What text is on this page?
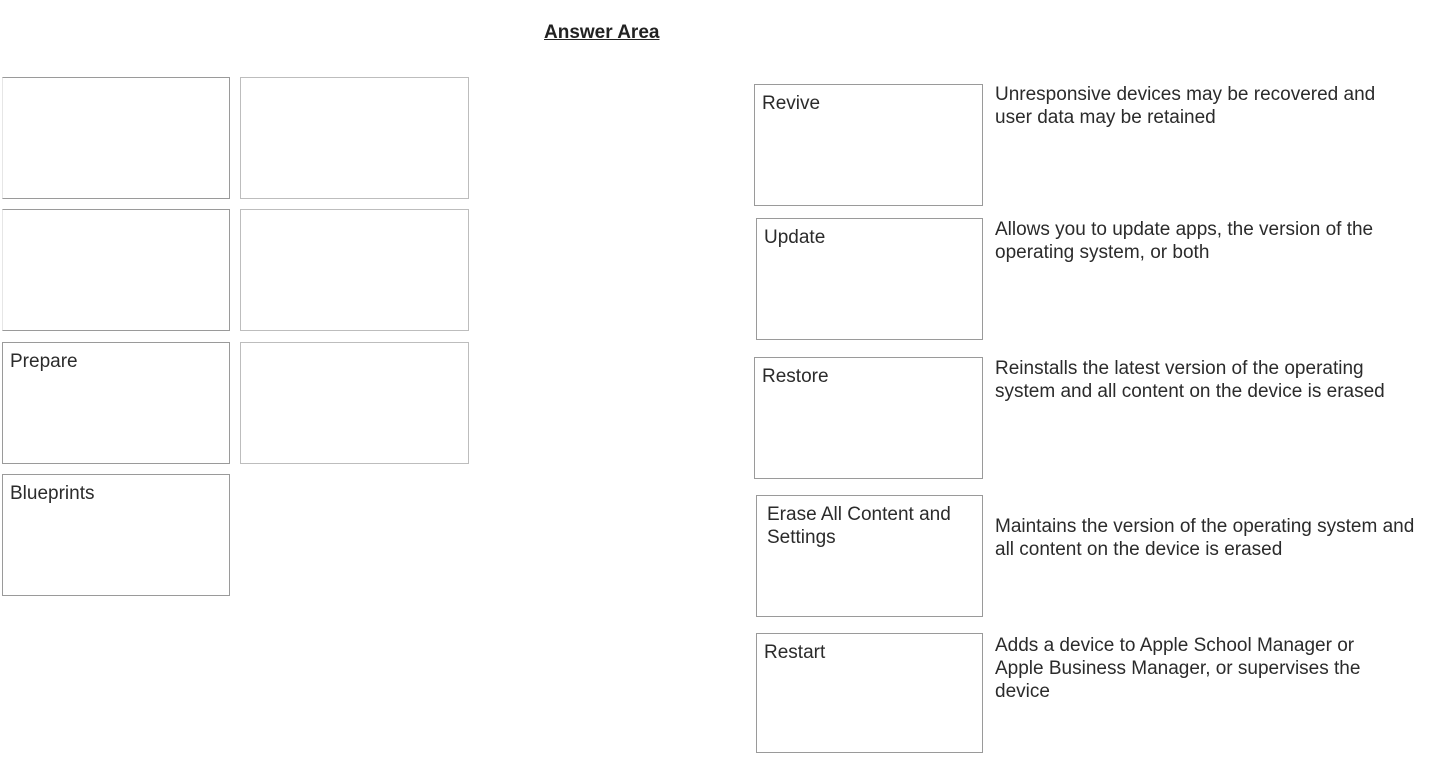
Answer Area
Prepare
Blueprints
Revive
Update
Restore
Erase All Content and Settings
Restart
Unresponsive devices may be recovered and user data may be retained
Allows you to update apps, the version of the operating system, or both
Reinstalls the latest version of the operating system and all content on the device is erased
Maintains the version of the operating system and all content on the device is erased
Adds a device to Apple School Manager or Apple Business Manager, or supervises the device
